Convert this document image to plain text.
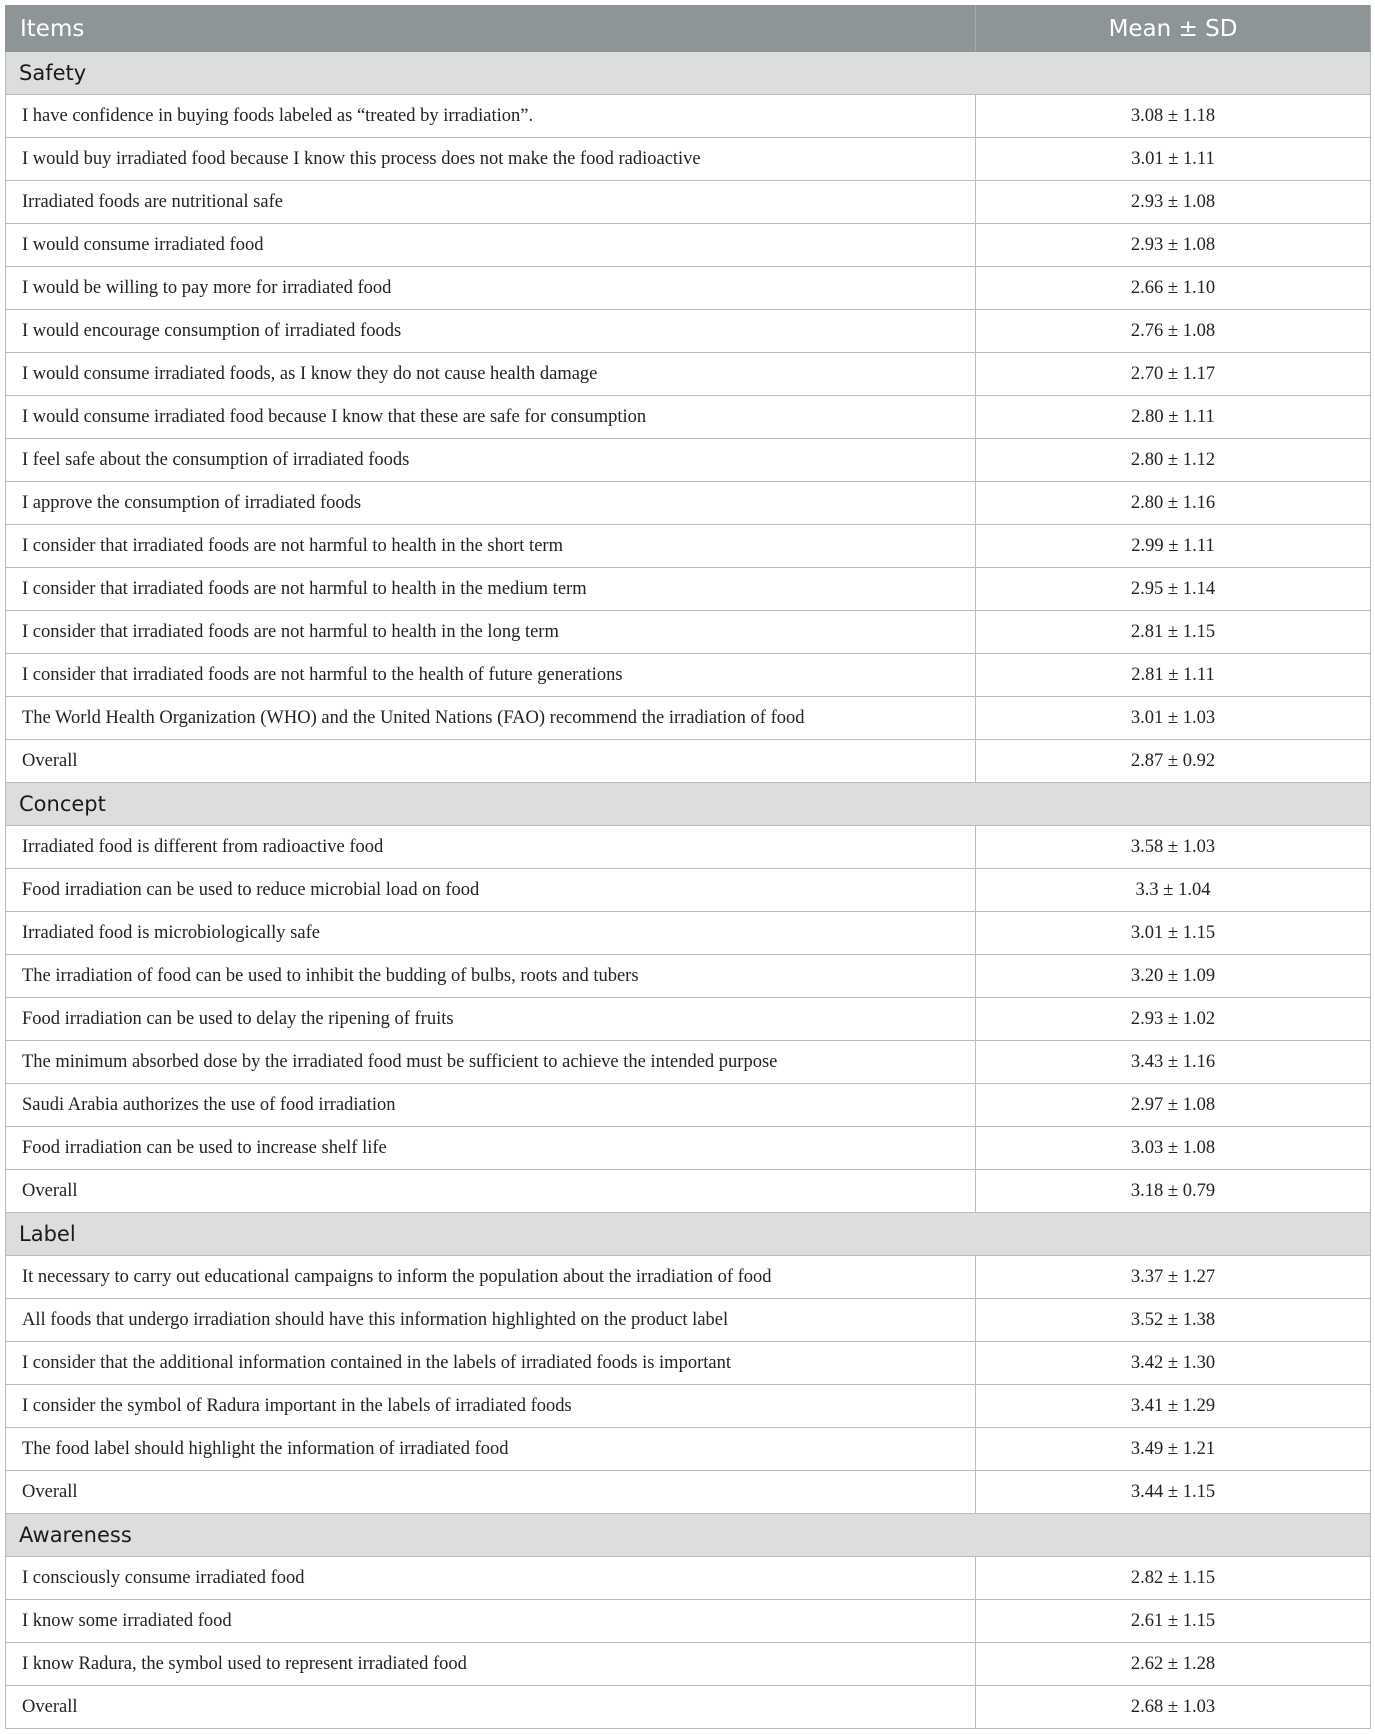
Items	Mean ± SD
Safety	
I have confidence in buying foods labeled as “treated by irradiation”.	3.08 ± 1.18
I would buy irradiated food because I know this process does not make the food radioactive	3.01 ± 1.11
Irradiated foods are nutritional safe	2.93 ± 1.08
I would consume irradiated food	2.93 ± 1.08
I would be willing to pay more for irradiated food	2.66 ± 1.10
I would encourage consumption of irradiated foods	2.76 ± 1.08
I would consume irradiated foods, as I know they do not cause health damage	2.70 ± 1.17
I would consume irradiated food because I know that these are safe for consumption	2.80 ± 1.11
I feel safe about the consumption of irradiated foods	2.80 ± 1.12
I approve the consumption of irradiated foods	2.80 ± 1.16
I consider that irradiated foods are not harmful to health in the short term	2.99 ± 1.11
I consider that irradiated foods are not harmful to health in the medium term	2.95 ± 1.14
I consider that irradiated foods are not harmful to health in the long term	2.81 ± 1.15
I consider that irradiated foods are not harmful to the health of future generations	2.81 ± 1.11
The World Health Organization (WHO) and the United Nations (FAO) recommend the irradiation of food	3.01 ± 1.03
Overall	2.87 ± 0.92
Concept	
Irradiated food is different from radioactive food	3.58 ± 1.03
Food irradiation can be used to reduce microbial load on food	3.3 ± 1.04
Irradiated food is microbiologically safe	3.01 ± 1.15
The irradiation of food can be used to inhibit the budding of bulbs, roots and tubers	3.20 ± 1.09
Food irradiation can be used to delay the ripening of fruits	2.93 ± 1.02
The minimum absorbed dose by the irradiated food must be sufficient to achieve the intended purpose	3.43 ± 1.16
Saudi Arabia authorizes the use of food irradiation	2.97 ± 1.08
Food irradiation can be used to increase shelf life	3.03 ± 1.08
Overall	3.18 ± 0.79
Label	
It necessary to carry out educational campaigns to inform the population about the irradiation of food	3.37 ± 1.27
All foods that undergo irradiation should have this information highlighted on the product label	3.52 ± 1.38
I consider that the additional information contained in the labels of irradiated foods is important	3.42 ± 1.30
I consider the symbol of Radura important in the labels of irradiated foods	3.41 ± 1.29
The food label should highlight the information of irradiated food	3.49 ± 1.21
Overall	3.44 ± 1.15
Awareness	
I consciously consume irradiated food	2.82 ± 1.15
I know some irradiated food	2.61 ± 1.15
I know Radura, the symbol used to represent irradiated food	2.62 ± 1.28
Overall	2.68 ± 1.03
